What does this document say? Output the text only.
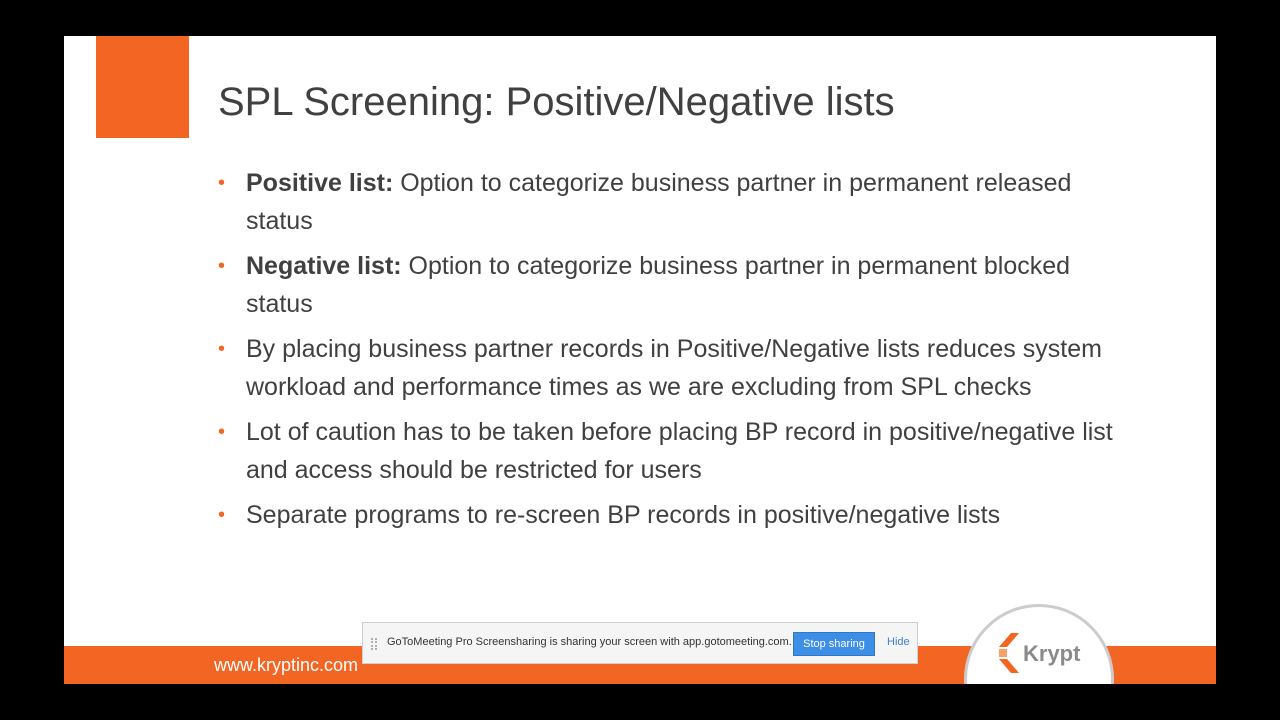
SPL Screening: Positive/Negative lists
• Positive list: Option to categorize business partner in permanent released status
• Negative list: Option to categorize business partner in permanent blocked status
• By placing business partner records in Positive/Negative lists reduces system workload and performance times as we are excluding from SPL checks
• Lot of caution has to be taken before placing BP record in positive/negative list and access should be restricted for users
• Separate programs to re-screen BP records in positive/negative lists
www.kryptinc.com	Krypt
GoToMeeting Pro Screensharing is sharing your screen with app.gotomeeting.com.	Stop sharing	Hide
